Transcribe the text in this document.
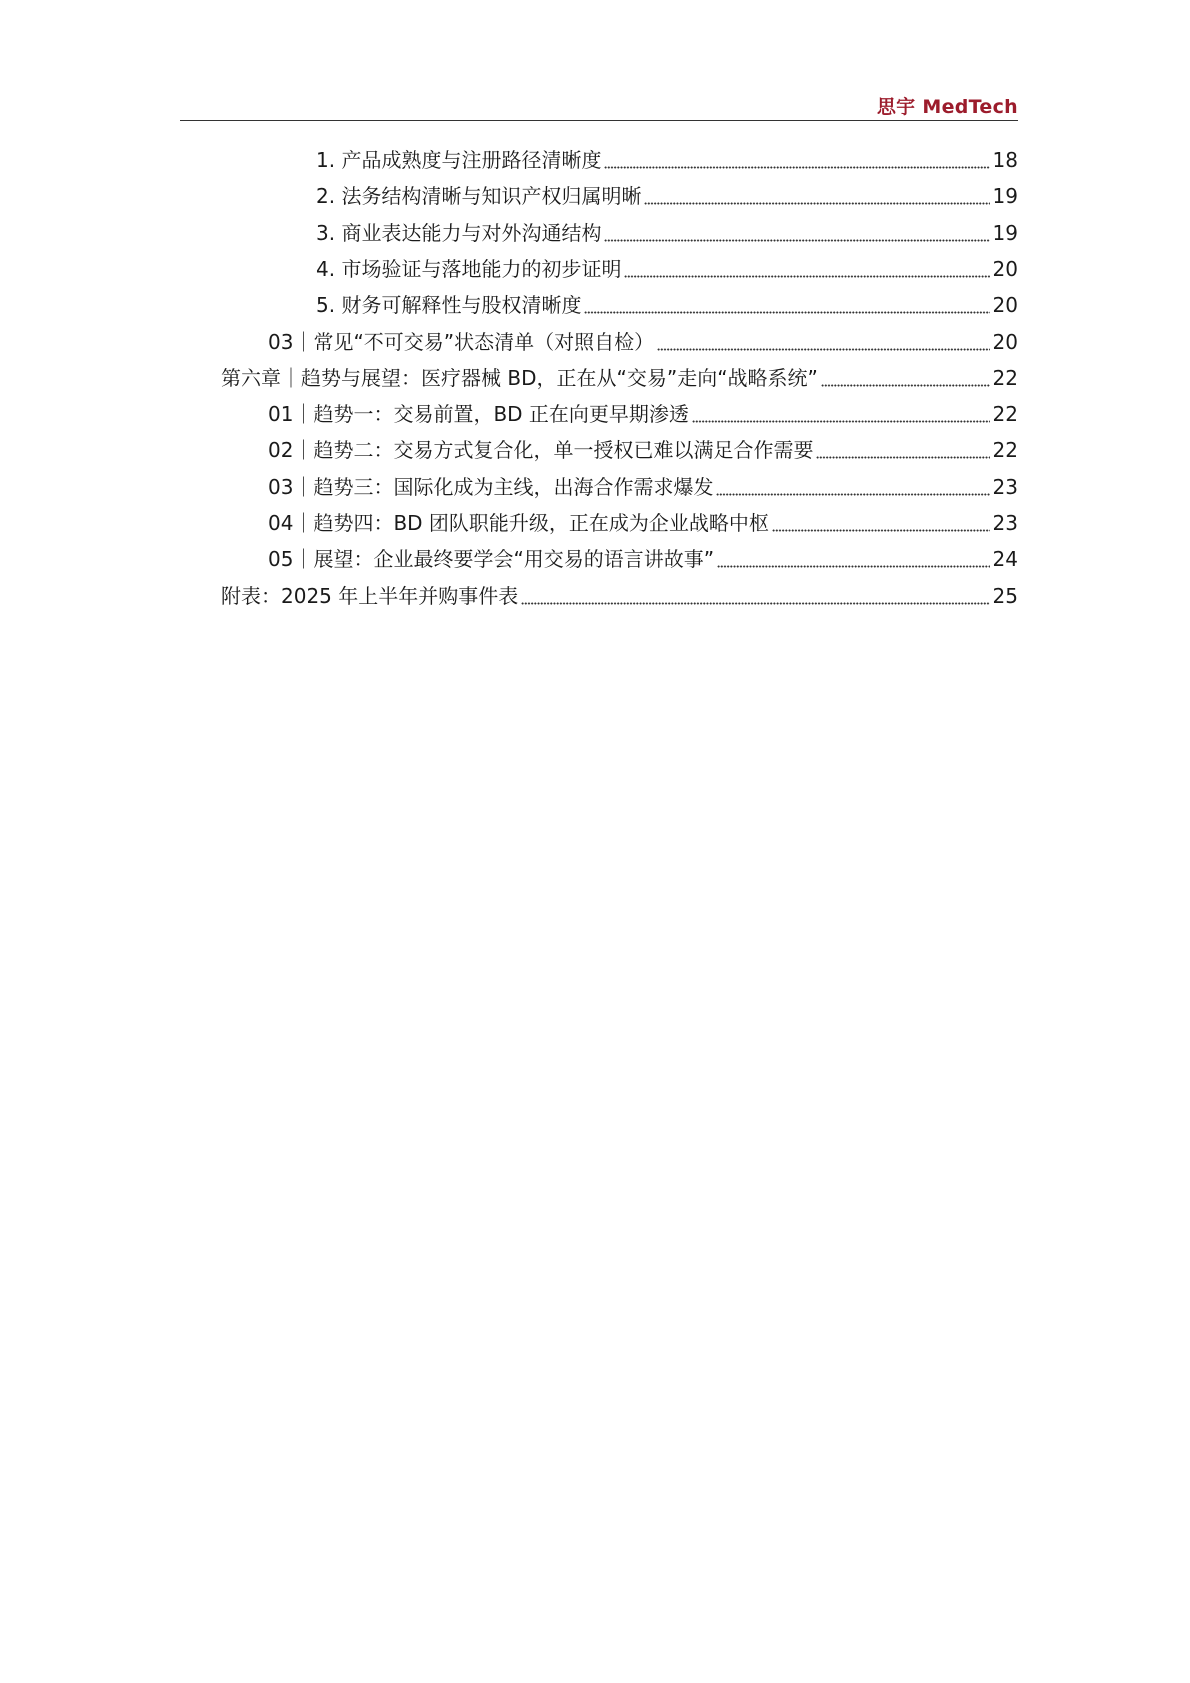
思宇 MedTech
1. 产品成熟度与注册路径清晰度	18
2. 法务结构清晰与知识产权归属明晰	19
3. 商业表达能力与对外沟通结构	19
4. 市场验证与落地能力的初步证明	20
5. 财务可解释性与股权清晰度	20
03｜常见“不可交易”状态清单（对照自检）	20
第六章｜趋势与展望：医疗器械 BD，正在从“交易”走向“战略系统”	22
01｜趋势一：交易前置，BD 正在向更早期渗透	22
02｜趋势二：交易方式复合化，单一授权已难以满足合作需要	22
03｜趋势三：国际化成为主线，出海合作需求爆发	23
04｜趋势四：BD 团队职能升级，正在成为企业战略中枢	23
05｜展望：企业最终要学会“用交易的语言讲故事”	24
附表：2025 年上半年并购事件表	25
